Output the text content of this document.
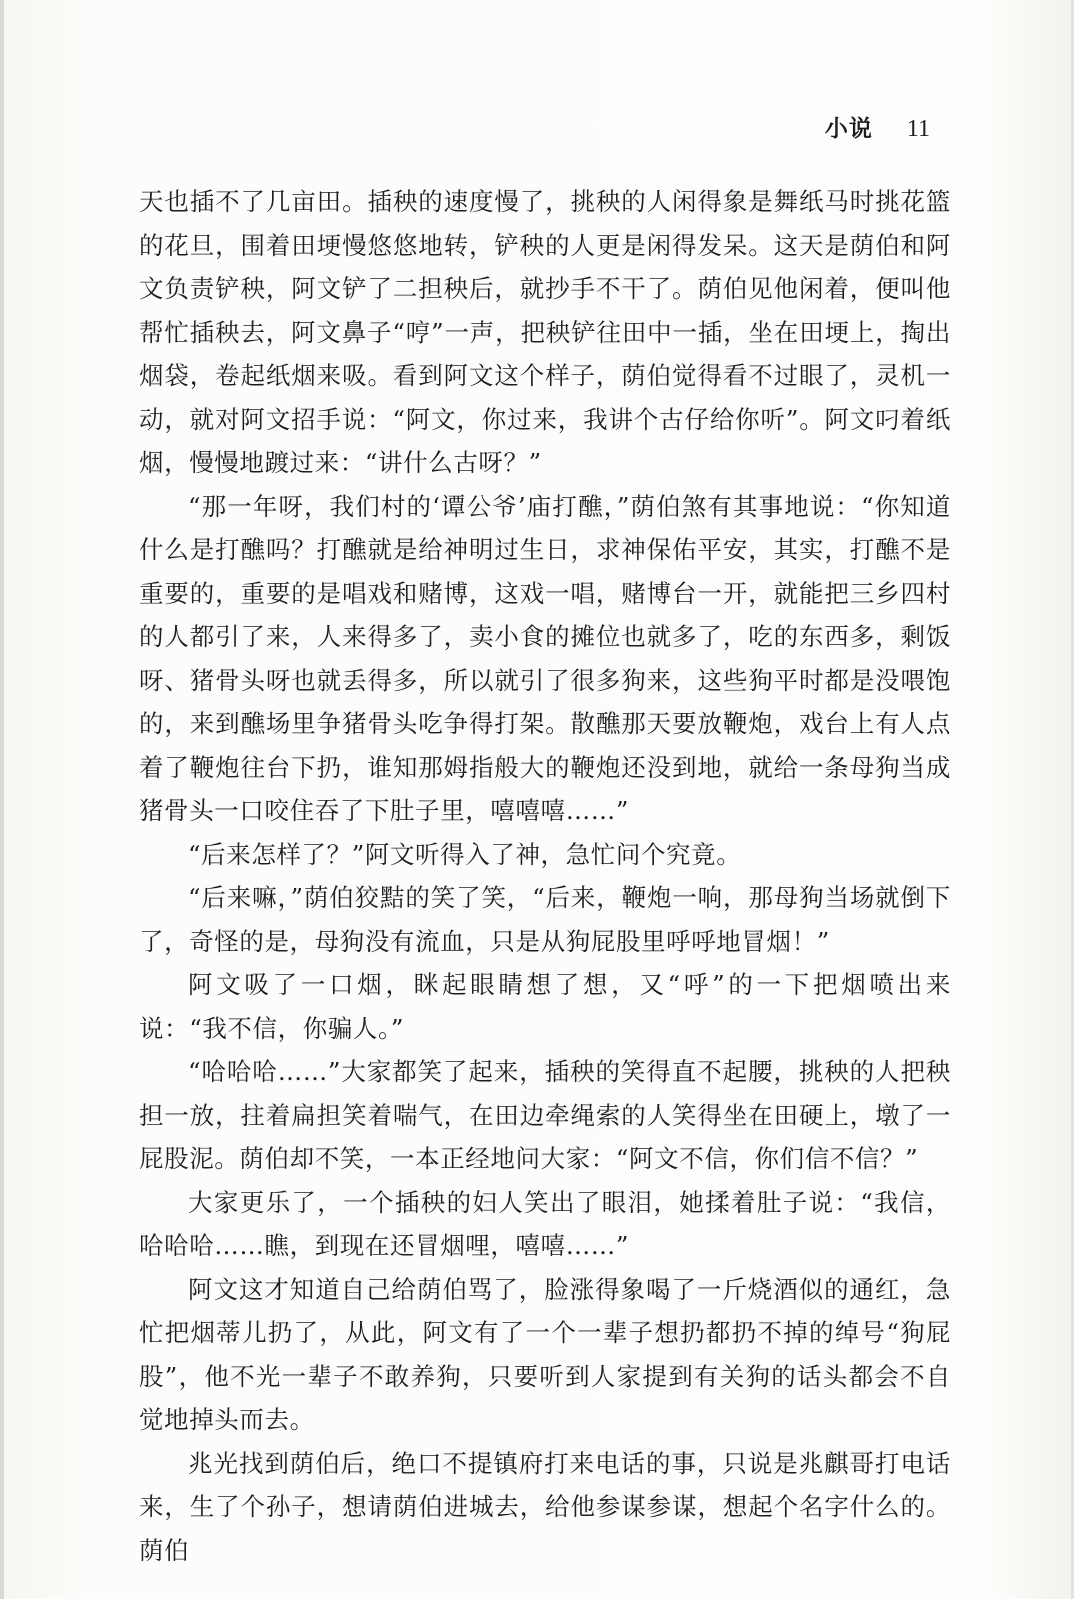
小说 11

天也插不了几亩田。插秧的速度慢了，挑秧的人闲得象是舞纸马时挑花篮的花旦，围着田埂慢悠悠地转，铲秧的人更是闲得发呆。这天是荫伯和阿文负责铲秧，阿文铲了二担秧后，就抄手不干了。荫伯见他闲着，便叫他帮忙插秧去，阿文鼻子“哼”一声，把秧铲往田中一插，坐在田埂上，掏出烟袋，卷起纸烟来吸。看到阿文这个样子，荫伯觉得看不过眼了，灵机一动，就对阿文招手说：“阿文，你过来，我讲个古仔给你听”。阿文叼着纸烟，慢慢地踱过来：“讲什么古呀？”

“那一年呀，我们村的‘谭公爷’庙打醮，”荫伯煞有其事地说：“你知道什么是打醮吗？打醮就是给神明过生日，求神保佑平安，其实，打醮不是重要的，重要的是唱戏和赌博，这戏一唱，赌博台一开，就能把三乡四村的人都引了来，人来得多了，卖小食的摊位也就多了，吃的东西多，剩饭呀、猪骨头呀也就丢得多，所以就引了很多狗来，这些狗平时都是没喂饱的，来到醮场里争猪骨头吃争得打架。散醮那天要放鞭炮，戏台上有人点着了鞭炮往台下扔，谁知那姆指般大的鞭炮还没到地，就给一条母狗当成猪骨头一口咬住吞了下肚子里，嘻嘻嘻……”

“后来怎样了？”阿文听得入了神，急忙问个究竟。

“后来嘛，”荫伯狡黠的笑了笑，“后来，鞭炮一响，那母狗当场就倒下了，奇怪的是，母狗没有流血，只是从狗屁股里呼呼地冒烟！”

阿文吸了一口烟，眯起眼睛想了想，又“呼”的一下把烟喷出来说：“我不信，你骗人。”

“哈哈哈……”大家都笑了起来，插秧的笑得直不起腰，挑秧的人把秧担一放，拄着扁担笑着喘气，在田边牵绳索的人笑得坐在田硬上，墩了一屁股泥。荫伯却不笑，一本正经地问大家：“阿文不信，你们信不信？”

大家更乐了，一个插秧的妇人笑出了眼泪，她揉着肚子说：“我信，哈哈哈……瞧，到现在还冒烟哩，嘻嘻……”

阿文这才知道自己给荫伯骂了，脸涨得象喝了一斤烧酒似的通红，急忙把烟蒂儿扔了，从此，阿文有了一个一辈子想扔都扔不掉的绰号“狗屁股”，他不光一辈子不敢养狗，只要听到人家提到有关狗的话头都会不自觉地掉头而去。

兆光找到荫伯后，绝口不提镇府打来电话的事，只说是兆麒哥打电话来，生了个孙子，想请荫伯进城去，给他参谋参谋，想起个名字什么的。荫伯
